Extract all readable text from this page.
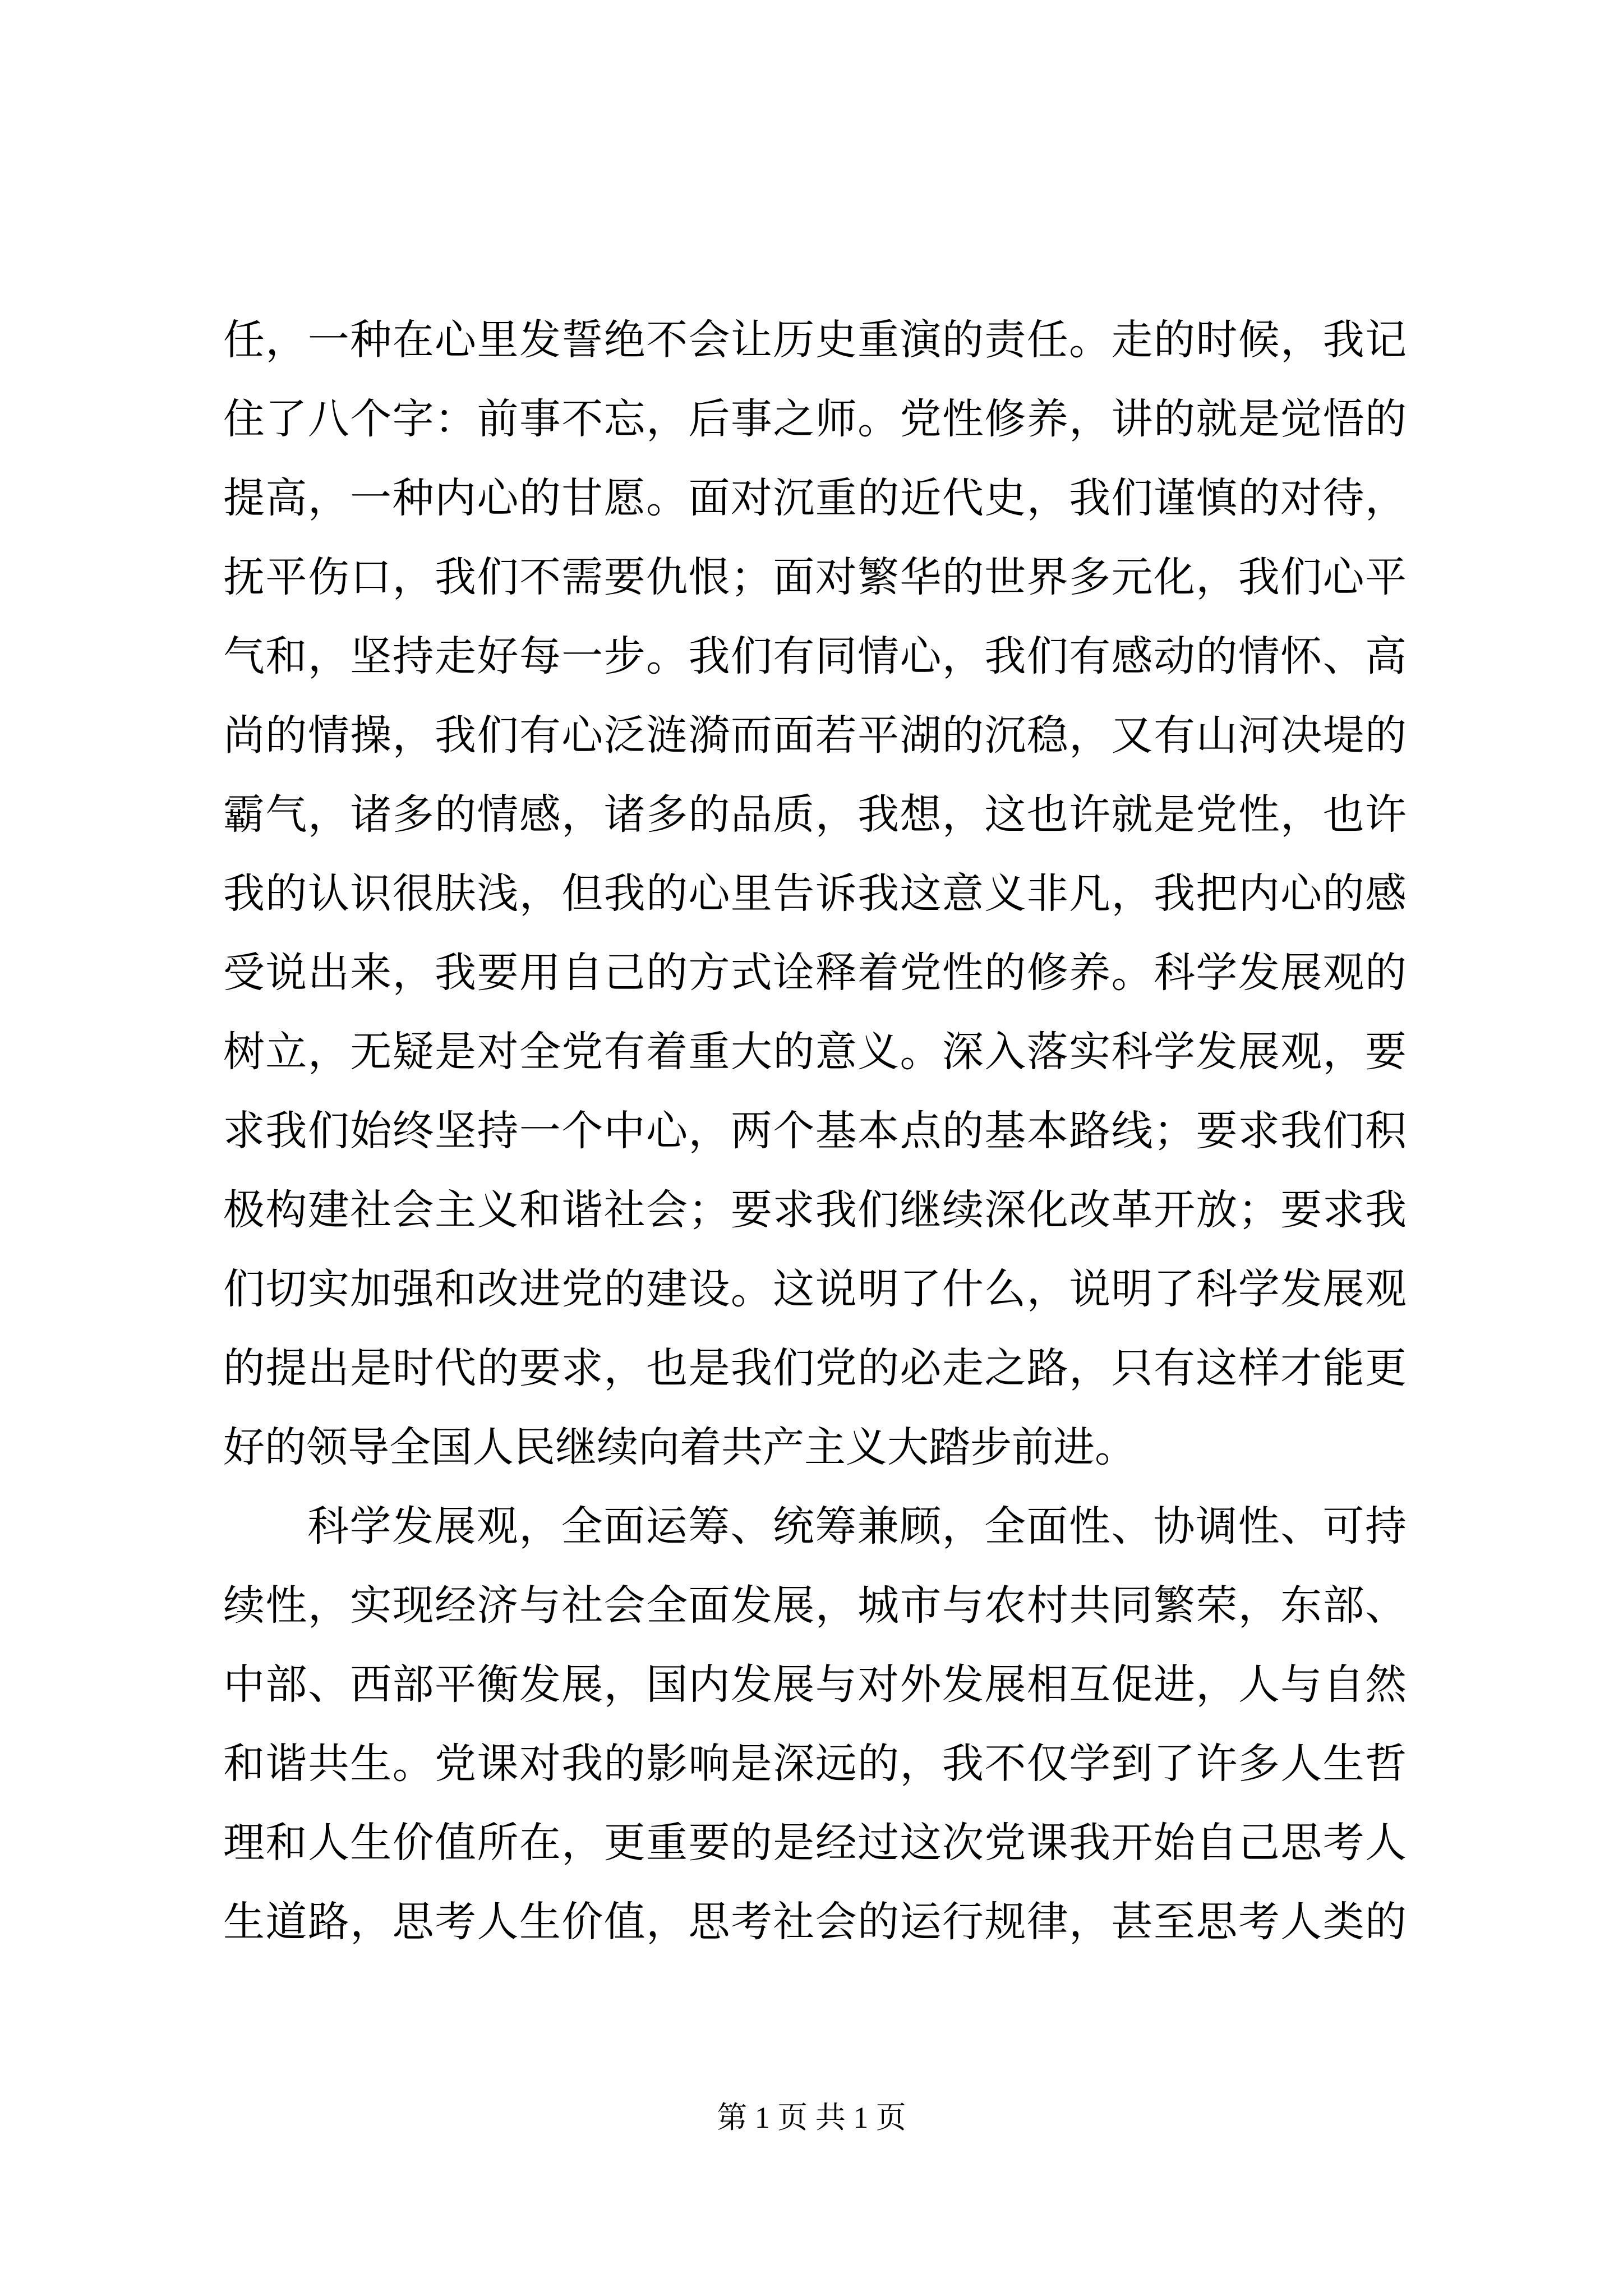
任，一种在心里发誓绝不会让历史重演的责任。走的时候，我记
住了八个字：前事不忘，后事之师。党性修养，讲的就是觉悟的
提高，一种内心的甘愿。面对沉重的近代史，我们谨慎的对待，
抚平伤口，我们不需要仇恨；面对繁华的世界多元化，我们心平
气和，坚持走好每一步。我们有同情心，我们有感动的情怀、高
尚的情操，我们有心泛涟漪而面若平湖的沉稳，又有山河决堤的
霸气，诸多的情感，诸多的品质，我想，这也许就是党性，也许
我的认识很肤浅，但我的心里告诉我这意义非凡，我把内心的感
受说出来，我要用自己的方式诠释着党性的修养。科学发展观的
树立，无疑是对全党有着重大的意义。深入落实科学发展观，要
求我们始终坚持一个中心，两个基本点的基本路线；要求我们积
极构建社会主义和谐社会；要求我们继续深化改革开放；要求我
们切实加强和改进党的建设。这说明了什么，说明了科学发展观
的提出是时代的要求，也是我们党的必走之路，只有这样才能更
好的领导全国人民继续向着共产主义大踏步前进。
科学发展观，全面运筹、统筹兼顾，全面性、协调性、可持
续性，实现经济与社会全面发展，城市与农村共同繁荣，东部、
中部、西部平衡发展，国内发展与对外发展相互促进，人与自然
和谐共生。党课对我的影响是深远的，我不仅学到了许多人生哲
理和人生价值所在，更重要的是经过这次党课我开始自己思考人
生道路，思考人生价值，思考社会的运行规律，甚至思考人类的
第 1 页 共 1 页
